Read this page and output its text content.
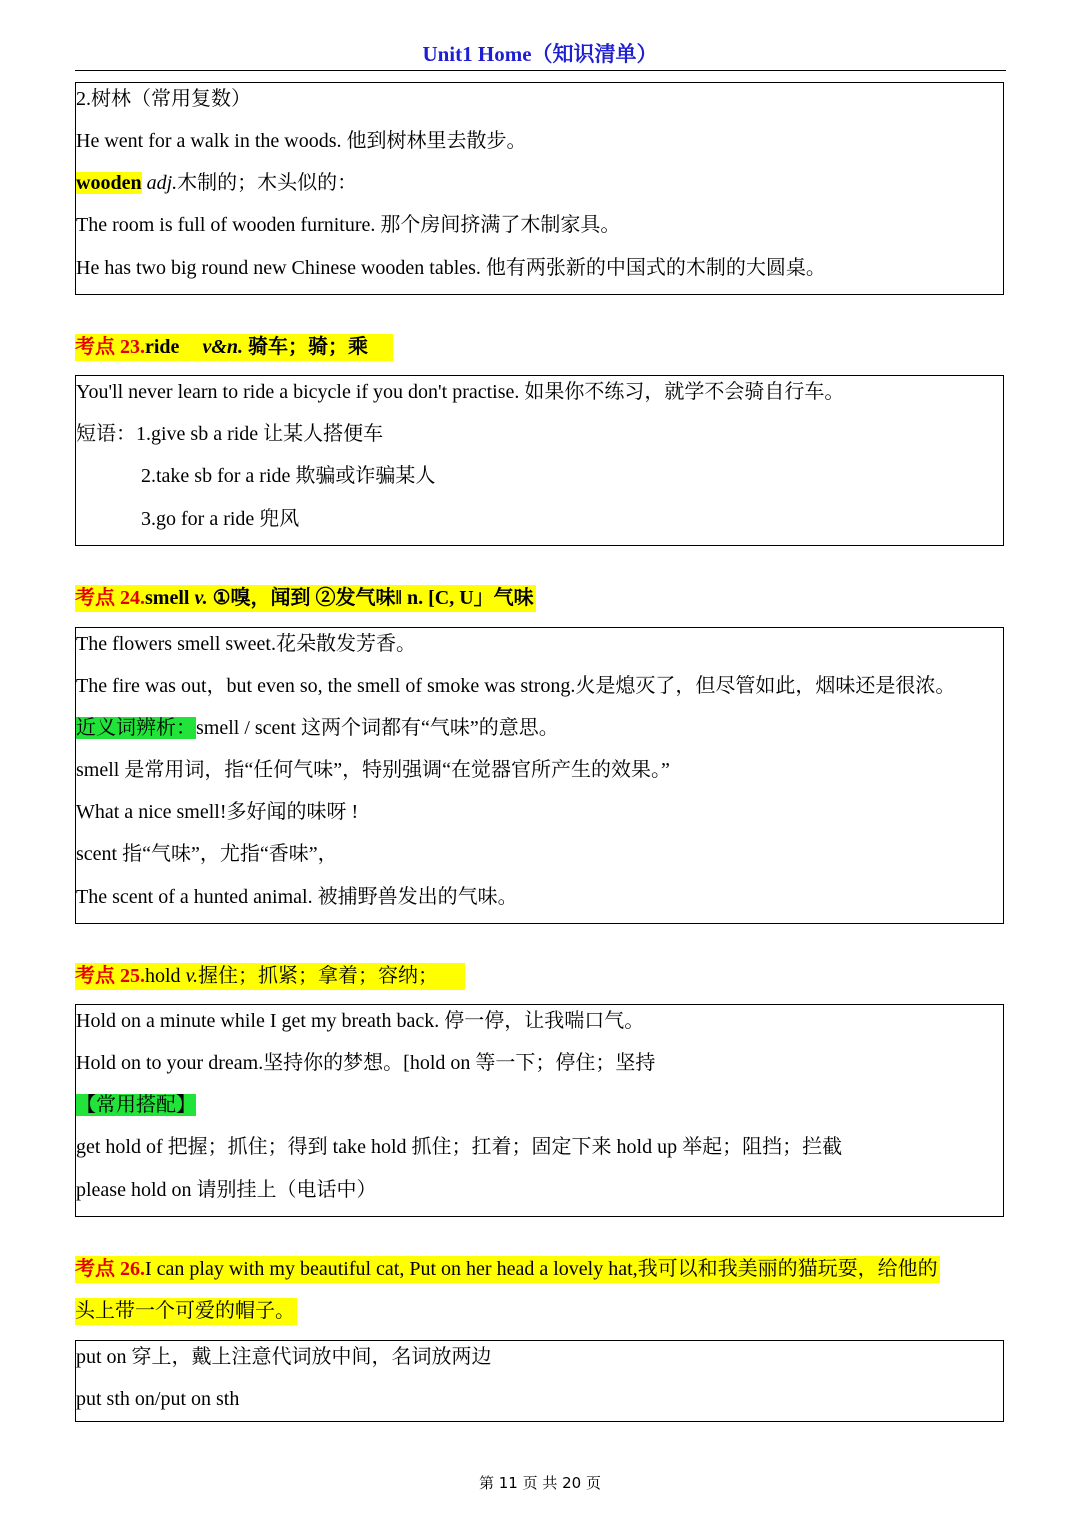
Unit1 Home（知识清单）
2.树林（常用复数）
He went for a walk in the woods. 他到树林里去散步。
wooden adj.木制的；木头似的：
The room is full of wooden furniture. 那个房间挤满了木制家具。
He has two big round new Chinese wooden tables. 他有两张新的中国式的木制的大圆桌。
考点 23.ride v&n. 骑车；骑；乘
You'll never learn to ride a bicycle if you don't practise. 如果你不练习，就学不会骑自行车。
短语：1.give sb a ride 让某人搭便车
2.take sb for a ride 欺骗或诈骗某人
3.go for a ride 兜风
考点 24.smell v. ①嗅，闻到 ②发气味‖ n. [C, U」气味
The flowers smell sweet.花朵散发芳香。
The fire was out，but even so, the smell of smoke was strong.火是熄灭了，但尽管如此，烟味还是很浓。
近义词辨析：smell / scent 这两个词都有“气味”的意思。
smell 是常用词，指“任何气味”，特别强调“在觉器官所产生的效果。”
What a nice smell!多好闻的味呀 !
scent 指“气味”，尤指“香味”，
The scent of a hunted animal. 被捕野兽发出的气味。
考点 25.hold v.握住；抓紧；拿着；容纳；
Hold on a minute while I get my breath back. 停一停，让我喘口气。
Hold on to your dream.坚持你的梦想。[hold on 等一下；停住；坚持
【常用搭配】
get hold of 把握；抓住；得到 take hold 抓住；扛着；固定下来 hold up 举起；阻挡；拦截
please hold on 请别挂上（电话中）
考点 26.I can play with my beautiful cat, Put on her head a lovely hat,我可以和我美丽的猫玩耍，给他的
头上带一个可爱的帽子。
put on 穿上，戴上注意代词放中间，名词放两边
put sth on/put on sth
第 11 页 共 20 页
